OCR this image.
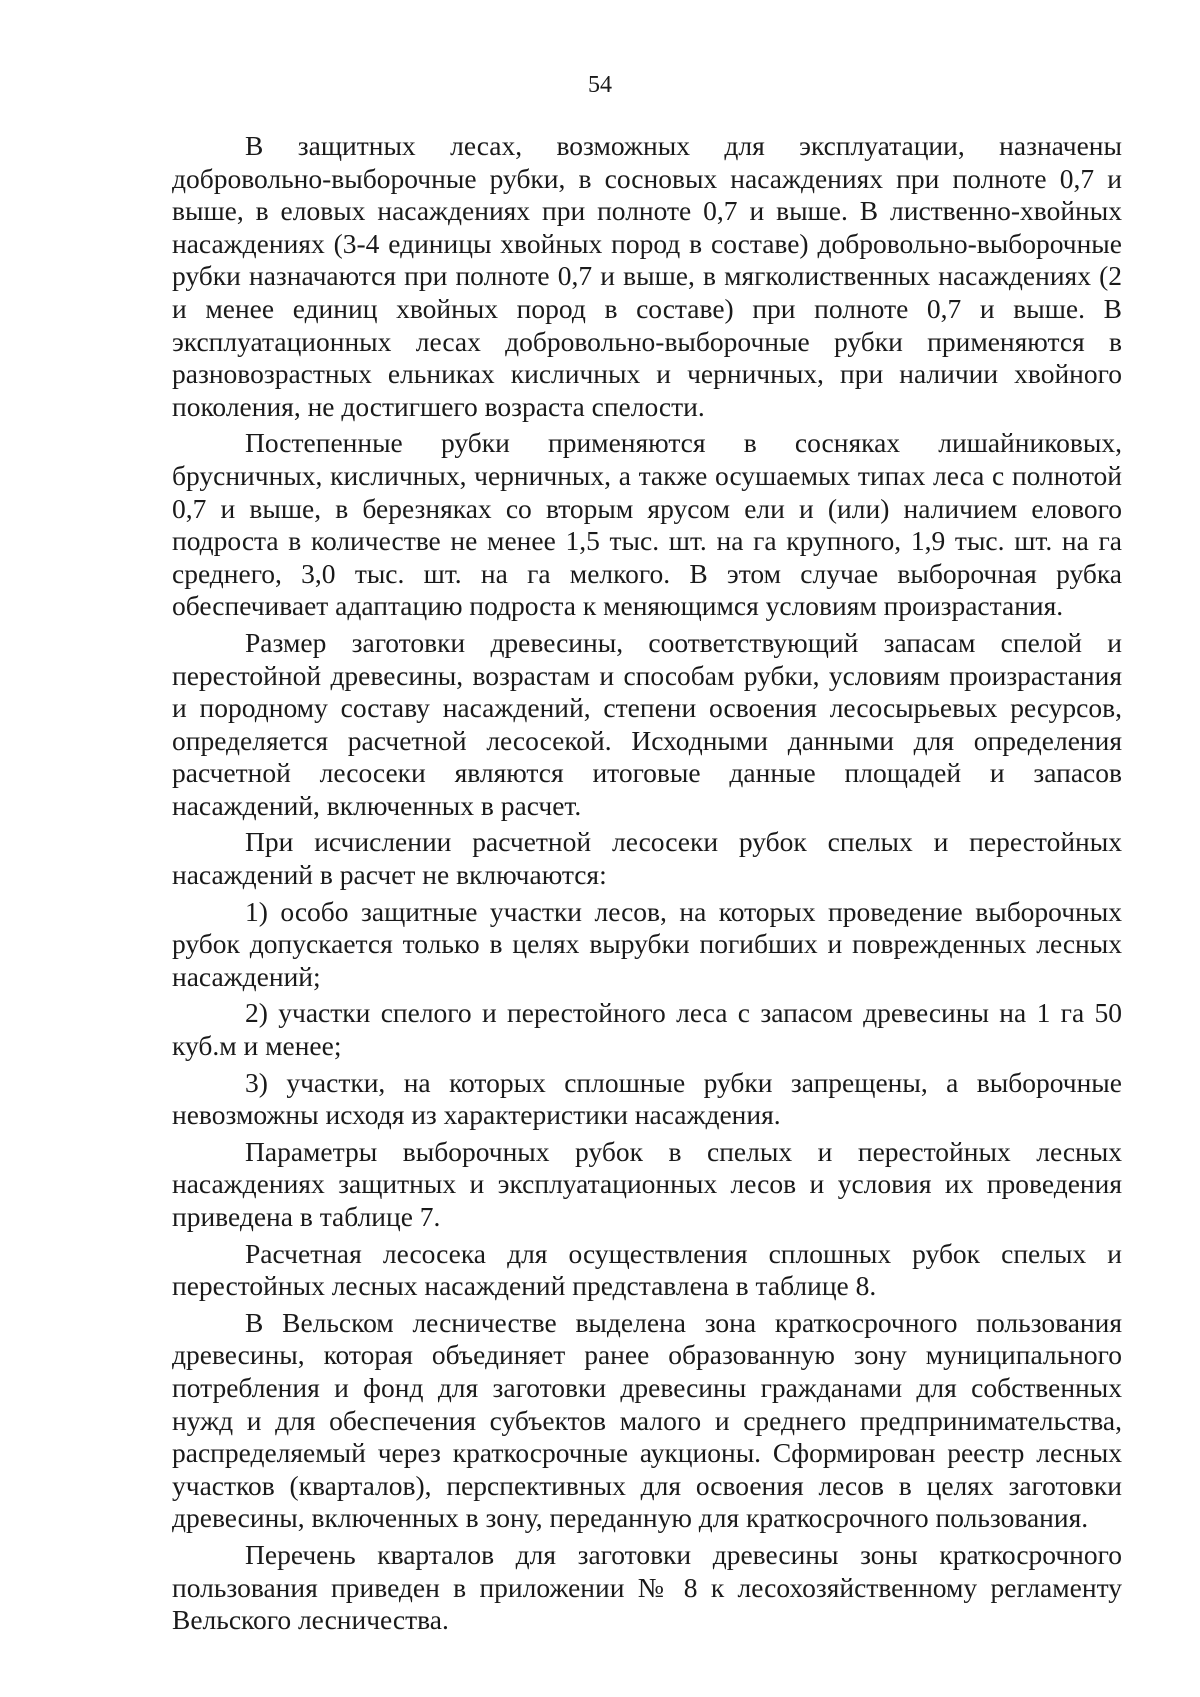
54

В защитных лесах, возможных для эксплуатации, назначены добровольно-выборочные рубки, в сосновых насаждениях при полноте 0,7 и выше, в еловых насаждениях при полноте 0,7 и выше. В лиственно-хвойных насаждениях (3-4 единицы хвойных пород в составе) добровольно-выборочные рубки назначаются при полноте 0,7 и выше, в мягколиственных насаждениях (2 и менее единиц хвойных пород в составе) при полноте 0,7 и выше. В эксплуатационных лесах добровольно-выборочные рубки применяются в разновозрастных ельниках кисличных и черничных, при наличии хвойного поколения, не достигшего возраста спелости.

Постепенные рубки применяются в сосняках лишайниковых, брусничных, кисличных, черничных, а также осушаемых типах леса с полнотой 0,7 и выше, в березняках со вторым ярусом ели и (или) наличием елового подроста в количестве не менее 1,5 тыс. шт. на га крупного, 1,9 тыс. шт. на га среднего, 3,0 тыс. шт. на га мелкого. В этом случае выборочная рубка обеспечивает адаптацию подроста к меняющимся условиям произрастания.

Размер заготовки древесины, соответствующий запасам спелой и перестойной древесины, возрастам и способам рубки, условиям произрастания и породному составу насаждений, степени освоения лесосырьевых ресурсов, определяется расчетной лесосекой. Исходными данными для определения расчетной лесосеки являются итоговые данные площадей и запасов насаждений, включенных в расчет.

При исчислении расчетной лесосеки рубок спелых и перестойных насаждений в расчет не включаются:

1) особо защитные участки лесов, на которых проведение выборочных рубок допускается только в целях вырубки погибших и поврежденных лесных насаждений;

2) участки спелого и перестойного леса с запасом древесины на 1 га 50 куб.м и менее;

3) участки, на которых сплошные рубки запрещены, а выборочные невозможны исходя из характеристики насаждения.

Параметры выборочных рубок в спелых и перестойных лесных насаждениях защитных и эксплуатационных лесов и условия их проведения приведена в таблице 7.

Расчетная лесосека для осуществления сплошных рубок спелых и перестойных лесных насаждений представлена в таблице 8.

В Вельском лесничестве выделена зона краткосрочного пользования древесины, которая объединяет ранее образованную зону муниципального потребления и фонд для заготовки древесины гражданами для собственных нужд и для обеспечения субъектов малого и среднего предпринимательства, распределяемый через краткосрочные аукционы. Сформирован реестр лесных участков (кварталов), перспективных для освоения лесов в целях заготовки древесины, включенных в зону, переданную для краткосрочного пользования.

Перечень кварталов для заготовки древесины зоны краткосрочного пользования приведен в приложении № 8 к лесохозяйственному регламенту Вельского лесничества.
